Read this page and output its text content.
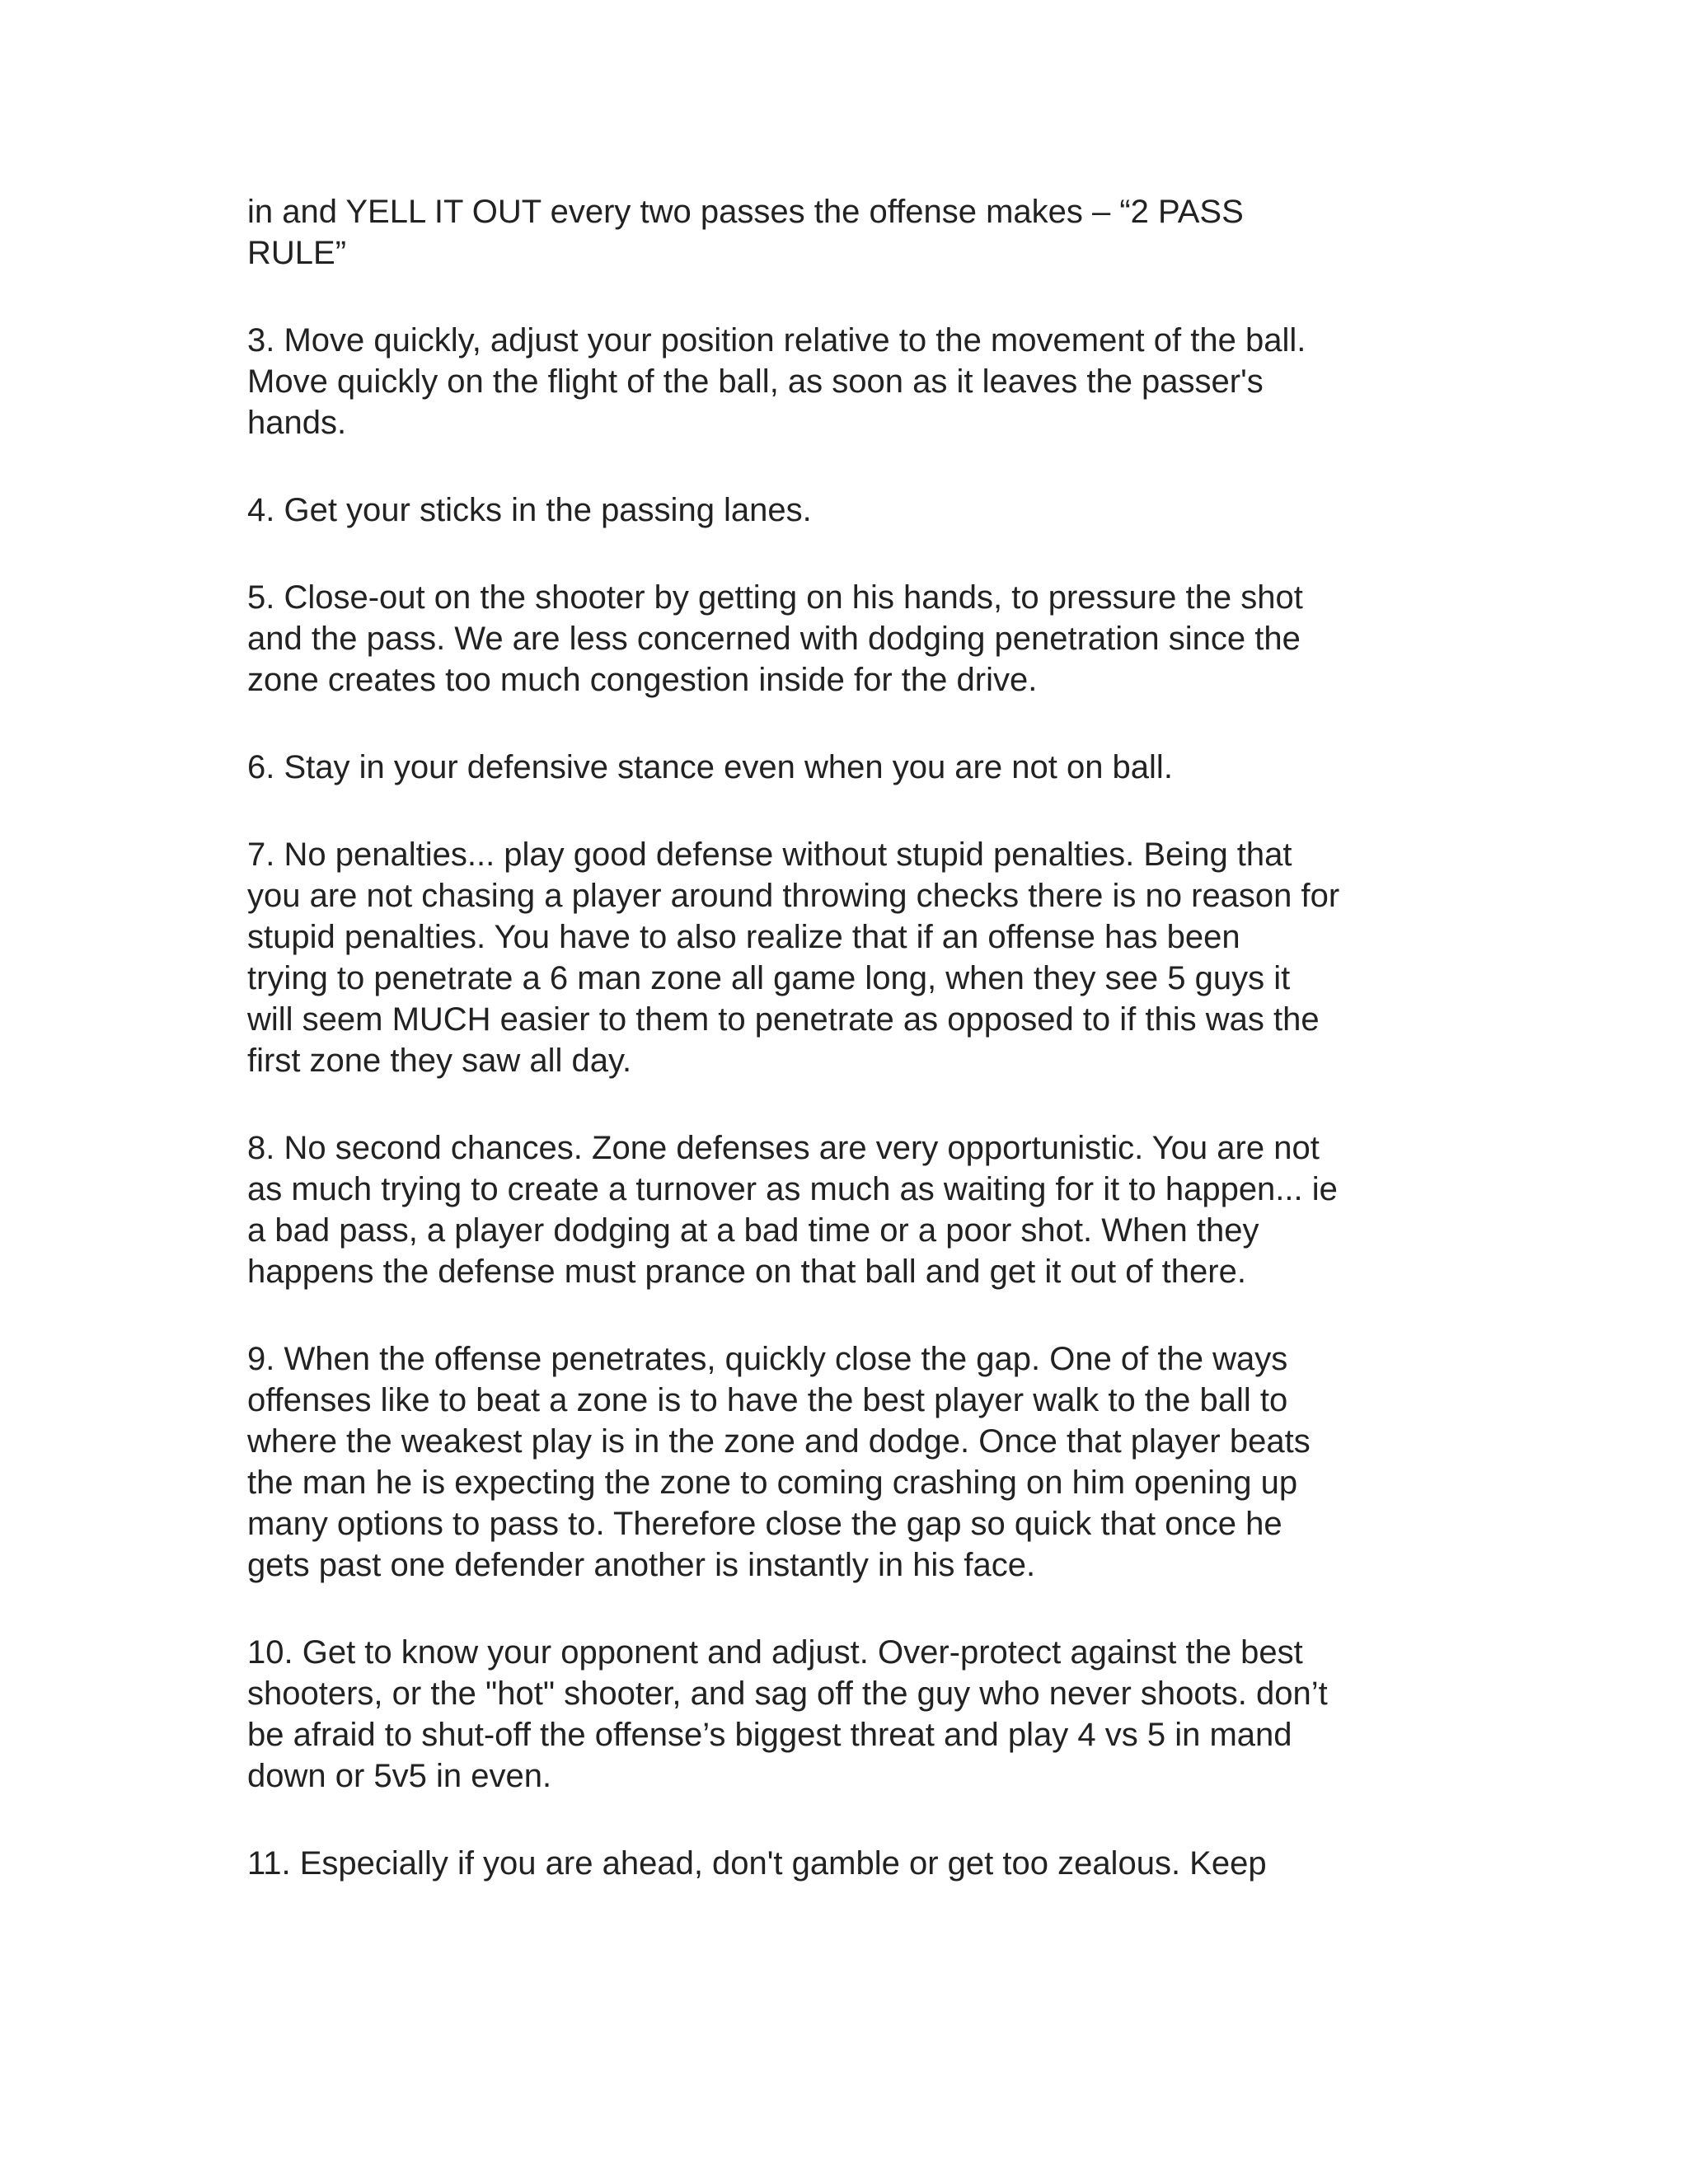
in and YELL IT OUT every two passes the offense makes – “2 PASS
RULE”

3. Move quickly, adjust your position relative to the movement of the ball.
Move quickly on the flight of the ball, as soon as it leaves the passer's
hands.

4. Get your sticks in the passing lanes.

5. Close-out on the shooter by getting on his hands, to pressure the shot
and the pass. We are less concerned with dodging penetration since the
zone creates too much congestion inside for the drive.

6. Stay in your defensive stance even when you are not on ball.

7. No penalties... play good defense without stupid penalties. Being that
you are not chasing a player around throwing checks there is no reason for
stupid penalties. You have to also realize that if an offense has been
trying to penetrate a 6 man zone all game long, when they see 5 guys it
will seem MUCH easier to them to penetrate as opposed to if this was the
first zone they saw all day.

8. No second chances. Zone defenses are very opportunistic. You are not
as much trying to create a turnover as much as waiting for it to happen... ie
a bad pass, a player dodging at a bad time or a poor shot. When they
happens the defense must prance on that ball and get it out of there.

9. When the offense penetrates, quickly close the gap. One of the ways
offenses like to beat a zone is to have the best player walk to the ball to
where the weakest play is in the zone and dodge. Once that player beats
the man he is expecting the zone to coming crashing on him opening up
many options to pass to. Therefore close the gap so quick that once he
gets past one defender another is instantly in his face.

10. Get to know your opponent and adjust. Over-protect against the best
shooters, or the "hot" shooter, and sag off the guy who never shoots. don’t
be afraid to shut-off the offense’s biggest threat and play 4 vs 5 in mand
down or 5v5 in even.

11. Especially if you are ahead, don't gamble or get too zealous. Keep
